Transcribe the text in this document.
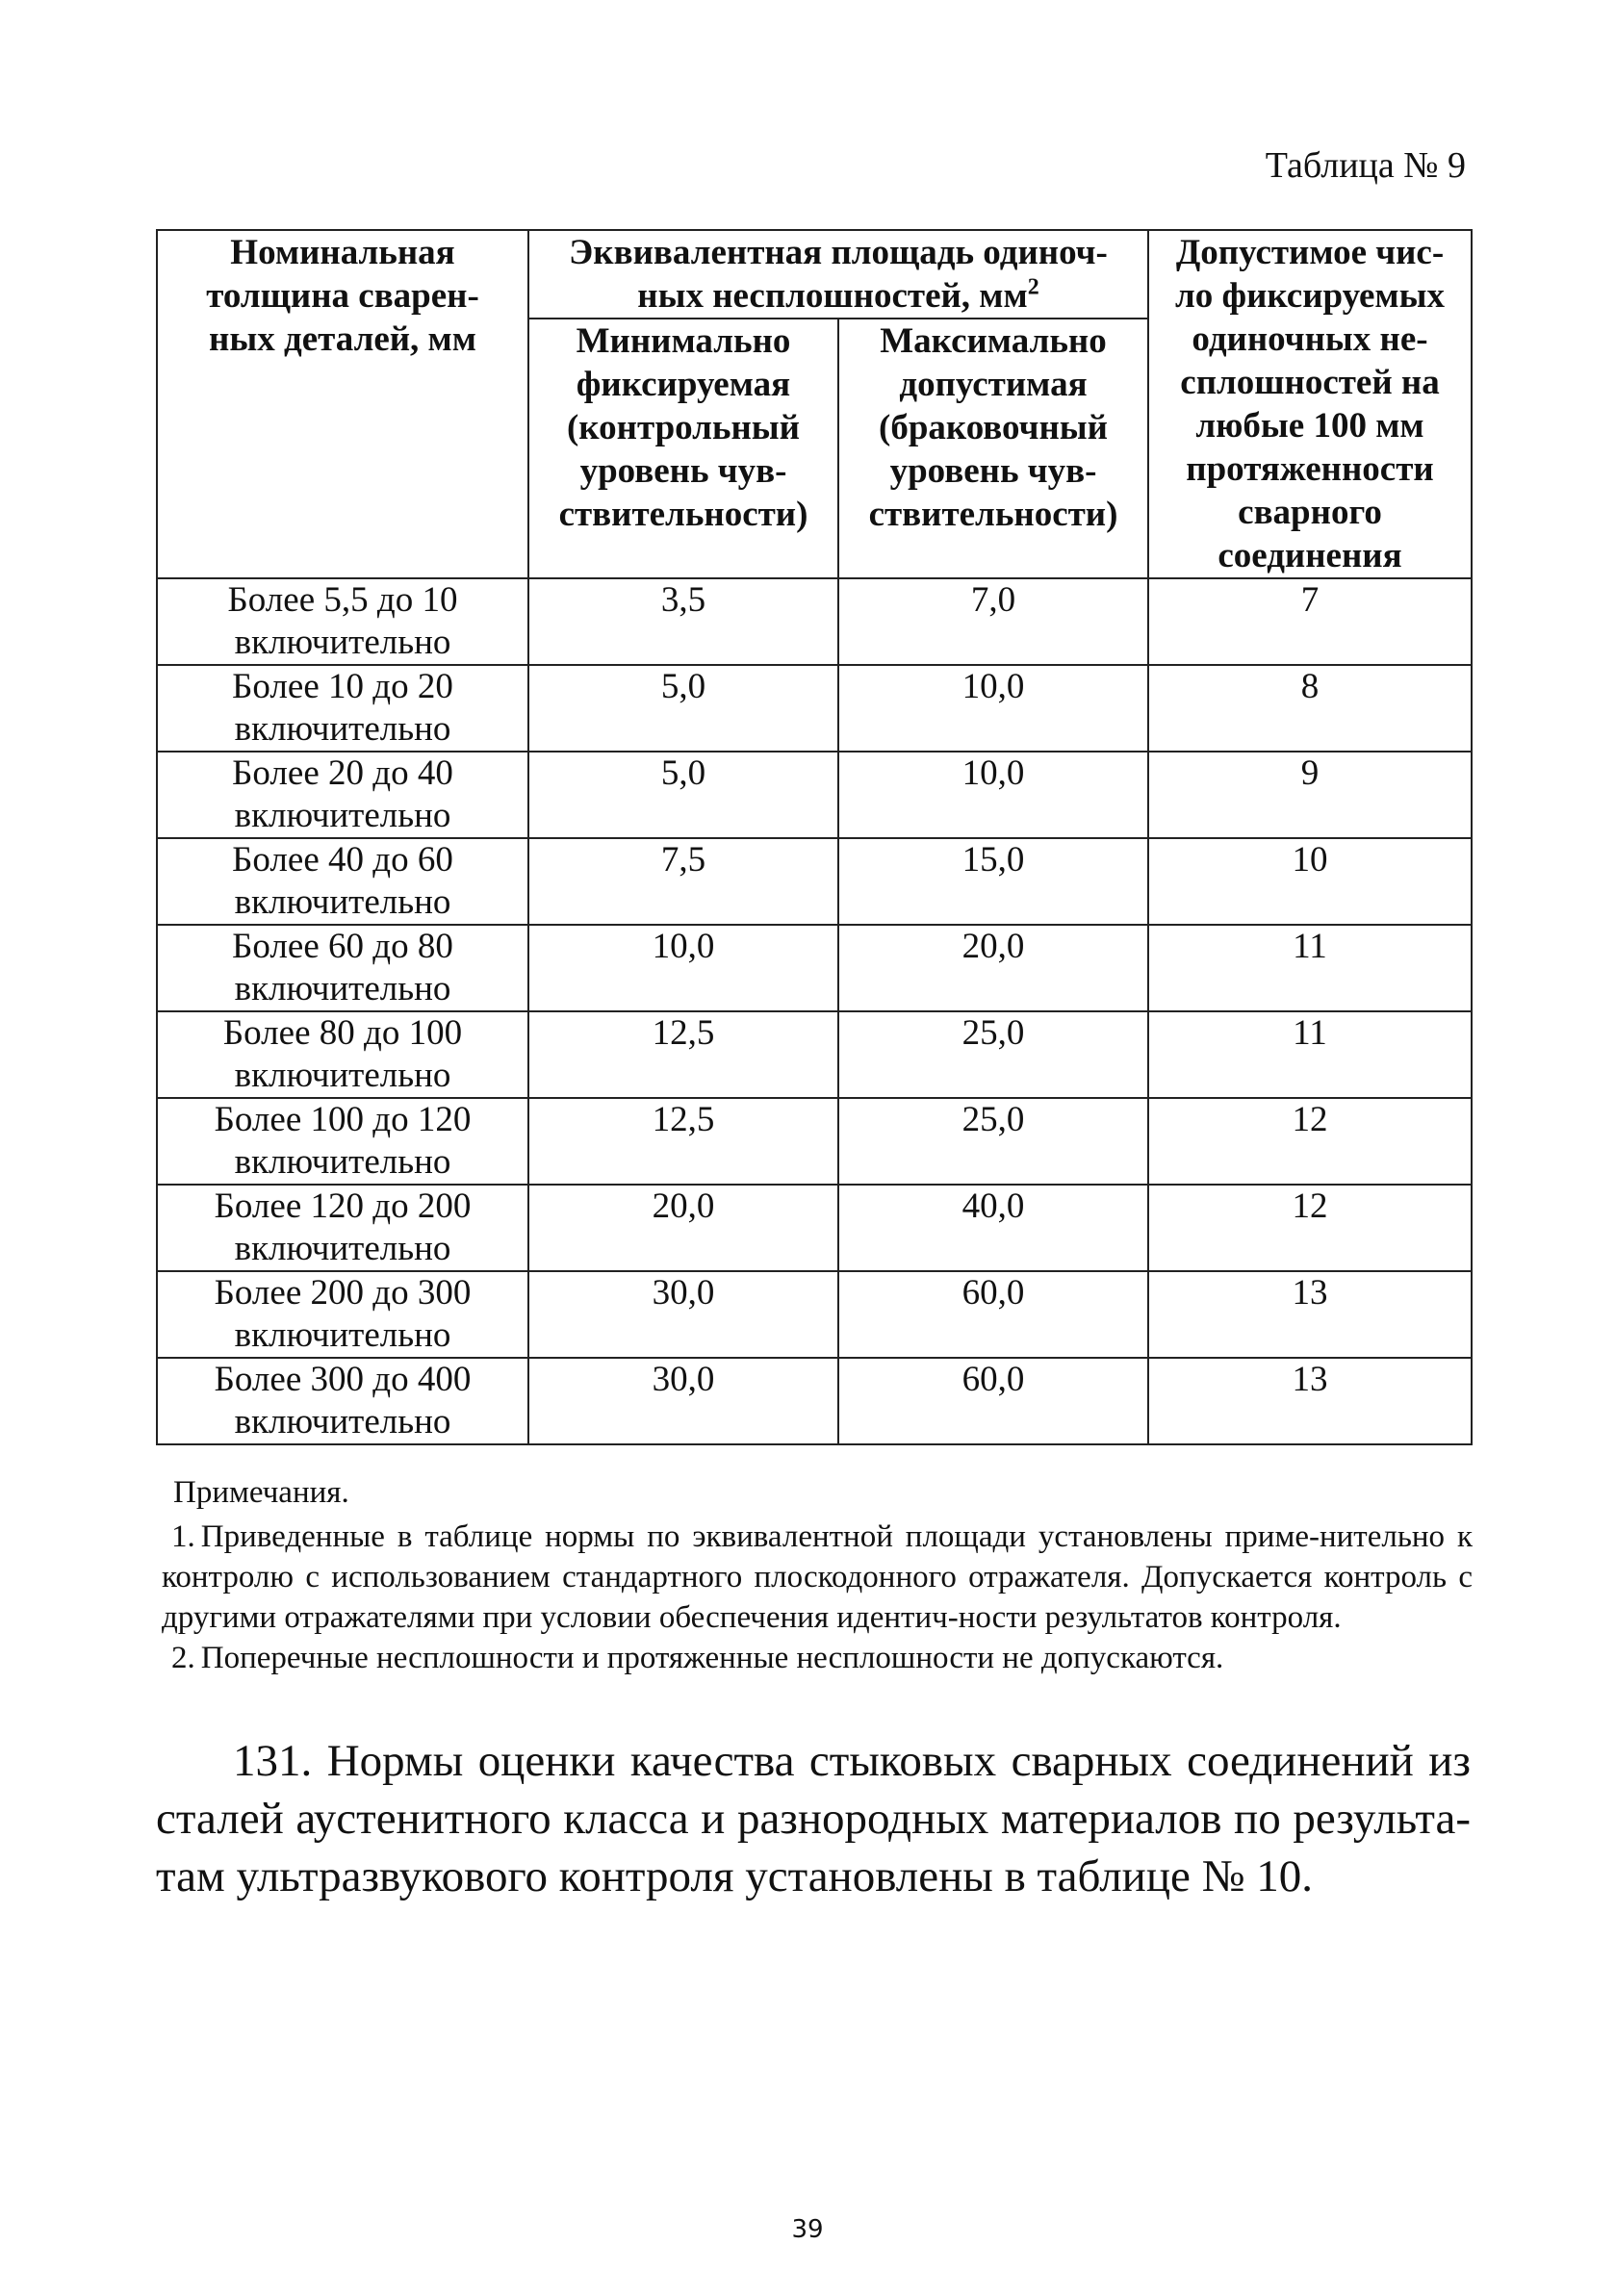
Таблица № 9
Номинальная толщина сварен-ных деталей, мм	Эквивалентная площадь одиноч-ных несплошностей, $мм^2$		Допустимое чис-ло фиксируемых одиночных не-сплошностей на любые 100 мм протяженности сварного соединения

	Минимально фиксируемая (контрольный уровень чув-ствительности)	Максимально допустимая (браковочный уровень чув-ствительности)	

Более 5,5 до 10 включительно	3,5	7,0	7
Более 10 до 20 включительно	5,0	10,0	8
Более 20 до 40 включительно	5,0	10,0	9
Более 40 до 60 включительно	7,5	15,0	10
Более 60 до 80 включительно	10,0	20,0	11
Более 80 до 100 включительно	12,5	25,0	11
Более 100 до 120 включительно	12,5	25,0	12
Более 120 до 200 включительно	20,0	40,0	12
Более 200 до 300 включительно	30,0	60,0	13
Более 300 до 400 включительно	30,0	60,0	13
Примечания.

1. Приведенные в таблице нормы по эквивалентной площади установлены приме-нительно к контролю с использованием стандартного плоскодонного отражателя. Допускается контроль с другими отражателями при условии обеспечения идентич-ности результатов контроля.

2. Поперечные несплошности и протяженные несплошности не допускаются.

131. Нормы оценки качества стыковых сварных соединений из сталей аустенитного класса и разнородных материалов по результа-там ультразвукового контроля установлены в таблице № 10.

39
